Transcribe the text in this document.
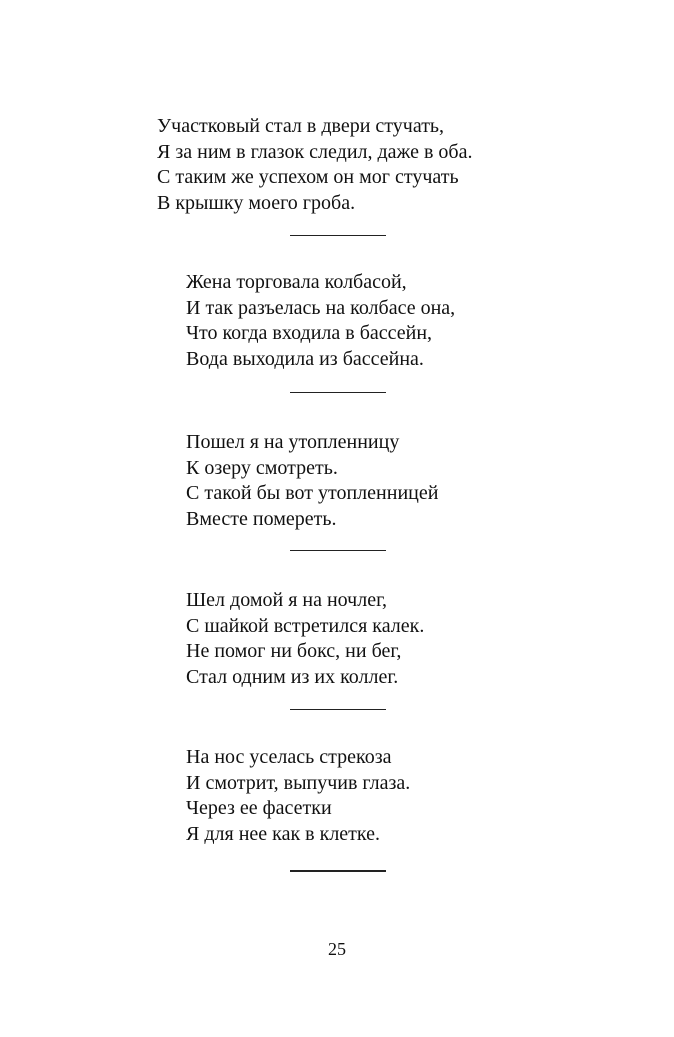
Участковый стал в двери стучать,
Я за ним в глазок следил, даже в оба.
С таким же успехом он мог стучать
В крышку моего гроба.
Жена торговала колбасой,
И так разъелась на колбасе она,
Что когда входила в бассейн,
Вода выходила из бассейна.
Пошел я на утопленницу
К озеру смотреть.
С такой бы вот утопленницей
Вместе помереть.
Шел домой я на ночлег,
С шайкой встретился калек.
Не помог ни бокс, ни бег,
Стал одним из их коллег.
На нос уселась стрекоза
И смотрит, выпучив глаза.
Через ее фасетки
Я для нее как в клетке.
25
